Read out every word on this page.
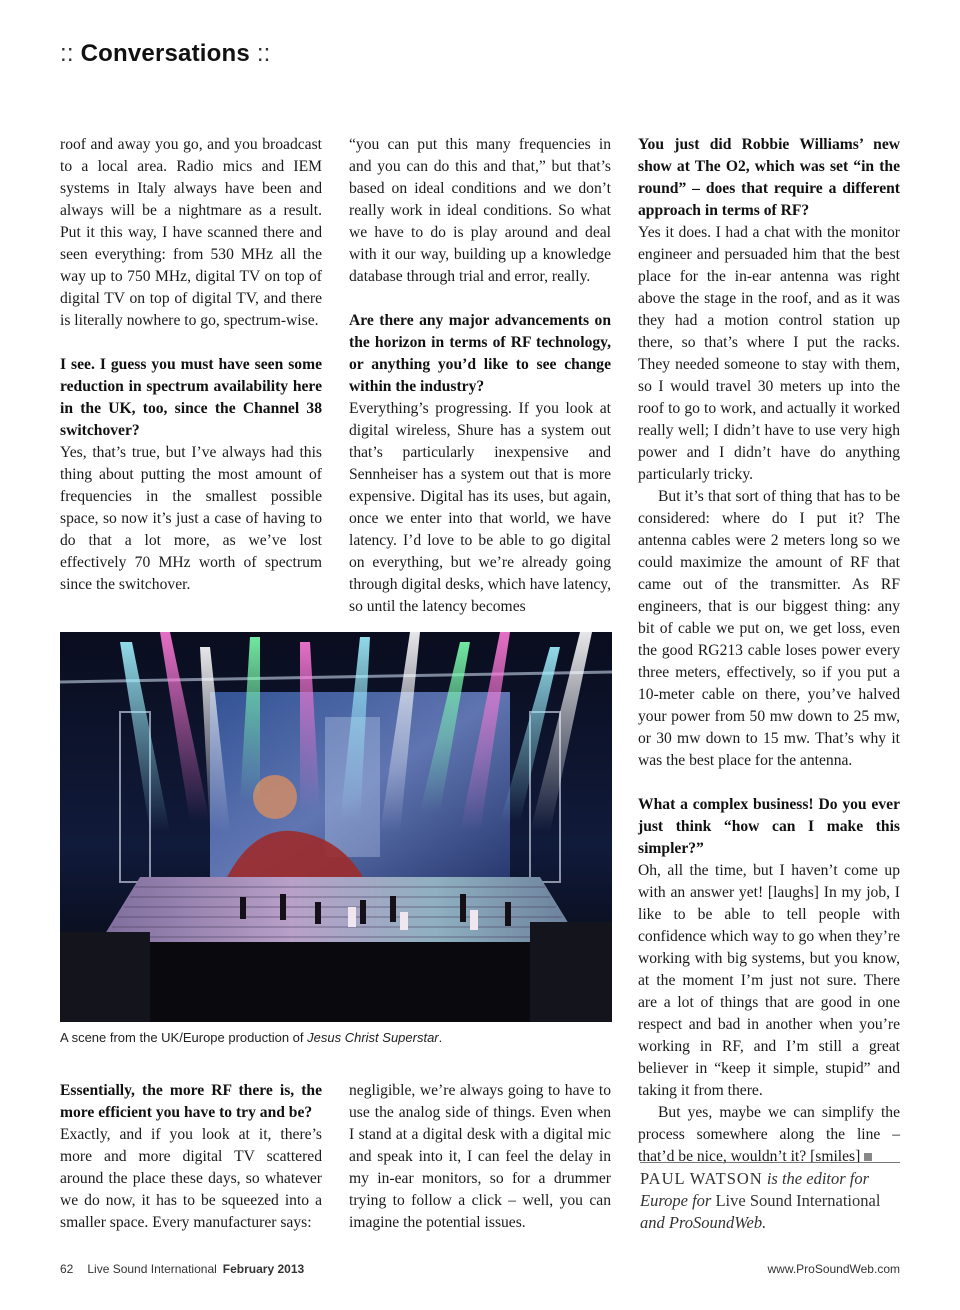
:: Conversations ::

roof and away you go, and you broadcast to a local area. Radio mics and IEM systems in Italy always have been and always will be a nightmare as a result. Put it this way, I have scanned there and seen everything: from 530 MHz all the way up to 750 MHz, digital TV on top of digital TV on top of digital TV, and there is literally nowhere to go, spectrum-wise.

I see. I guess you must have seen some reduction in spectrum availability here in the UK, too, since the Channel 38 switchover?

Yes, that’s true, but I’ve always had this thing about putting the most amount of frequencies in the smallest possible space, so now it’s just a case of having to do that a lot more, as we’ve lost effectively 70 MHz worth of spectrum since the switchover.

“you can put this many frequencies in and you can do this and that,” but that’s based on ideal conditions and we don’t really work in ideal conditions. So what we have to do is play around and deal with it our way, building up a knowledge database through trial and error, really.

Are there any major advancements on the horizon in terms of RF technology, or anything you’d like to see change within the industry?

Everything’s progressing. If you look at digital wireless, Shure has a system out that’s particularly inexpensive and Sennheiser has a system out that is more expensive. Digital has its uses, but again, once we enter into that world, we have latency. I’d love to be able to go digital on everything, but we’re already going through digital desks, which have latency, so until the latency becomes

You just did Robbie Williams’ new show at The O2, which was set “in the round” – does that require a different approach in terms of RF?

Yes it does. I had a chat with the monitor engineer and persuaded him that the best place for the in-ear antenna was right above the stage in the roof, and as it was they had a motion control station up there, so that’s where I put the racks. They needed someone to stay with them, so I would travel 30 meters up into the roof to go to work, and actually it worked really well; I didn’t have to use very high power and I didn’t have do anything particularly tricky.

But it’s that sort of thing that has to be considered: where do I put it? The antenna cables were 2 meters long so we could maximize the amount of RF that came out of the transmitter. As RF engineers, that is our biggest thing: any bit of cable we put on, we get loss, even the good RG213 cable loses power every three meters, effectively, so if you put a 10-meter cable on there, you’ve halved your power from 50 mw down to 25 mw, or 30 mw down to 15 mw. That’s why it was the best place for the antenna.

What a complex business! Do you ever just think “how can I make this simpler?”

Oh, all the time, but I haven’t come up with an answer yet! [laughs] In my job, I like to be able to tell people with confidence which way to go when they’re working with big systems, but you know, at the moment I’m just not sure. There are a lot of things that are good in one respect and bad in another when you’re working in RF, and I’m still a great believer in “keep it simple, stupid” and taking it from there.

But yes, maybe we can simplify the process somewhere along the line – that’d be nice, wouldn’t it? [smiles]

A scene from the UK/Europe production of Jesus Christ Superstar.

Essentially, the more RF there is, the more efficient you have to try and be?

Exactly, and if you look at it, there’s more and more digital TV scattered around the place these days, so whatever we do now, it has to be squeezed into a smaller space. Every manufacturer says:

negligible, we’re always going to have to use the analog side of things. Even when I stand at a digital desk with a digital mic and speak into it, I can feel the delay in my in-ear monitors, so for a drummer trying to follow a click – well, you can imagine the potential issues.

PAUL WATSON is the editor for Europe for Live Sound International and ProSoundWeb.
62 Live Sound International February 2013	www.ProSoundWeb.com
